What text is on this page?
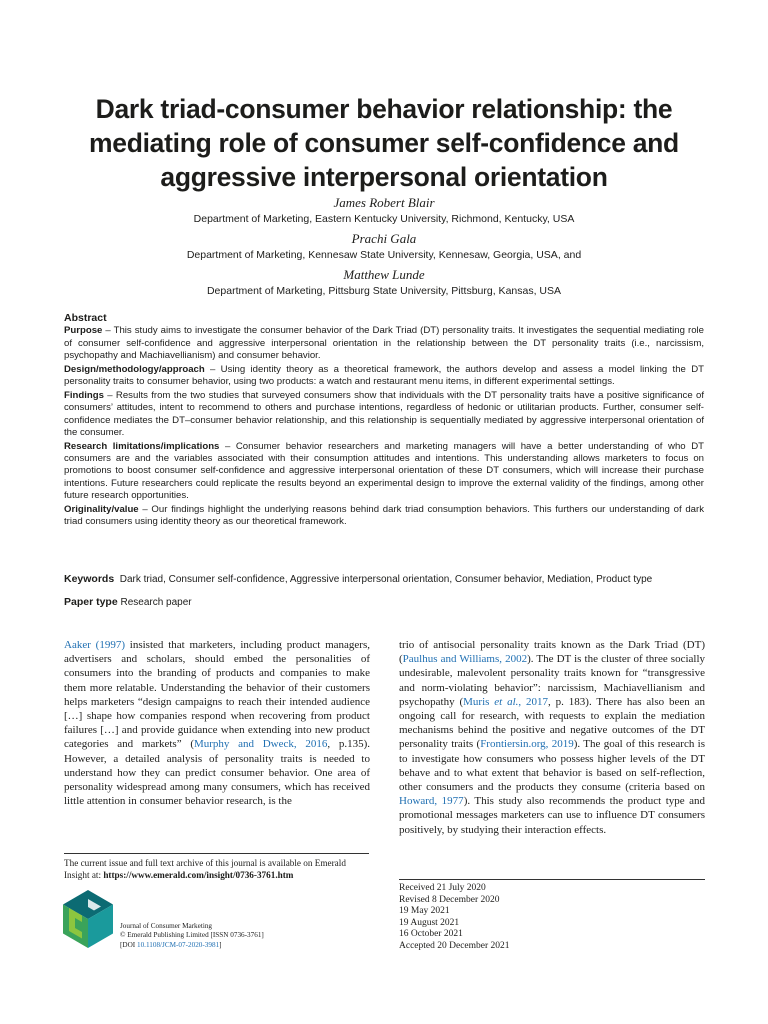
Dark triad-consumer behavior relationship: the mediating role of consumer self-confidence and aggressive interpersonal orientation
James Robert Blair
Department of Marketing, Eastern Kentucky University, Richmond, Kentucky, USA
Prachi Gala
Department of Marketing, Kennesaw State University, Kennesaw, Georgia, USA, and
Matthew Lunde
Department of Marketing, Pittsburg State University, Pittsburg, Kansas, USA
Abstract

Purpose – This study aims to investigate the consumer behavior of the Dark Triad (DT) personality traits. It investigates the sequential mediating role of consumer self-confidence and aggressive interpersonal orientation in the relationship between the DT personality traits (i.e., narcissism, psychopathy and Machiavellianism) and consumer behavior.

Design/methodology/approach – Using identity theory as a theoretical framework, the authors develop and assess a model linking the DT personality traits to consumer behavior, using two products: a watch and restaurant menu items, in different experimental settings.

Findings – Results from the two studies that surveyed consumers show that individuals with the DT personality traits have a positive significance of consumers’ attitudes, intent to recommend to others and purchase intentions, regardless of hedonic or utilitarian products. Further, consumer self-confidence mediates the DT–consumer behavior relationship, and this relationship is sequentially mediated by aggressive interpersonal orientation of the consumer.

Research limitations/implications – Consumer behavior researchers and marketing managers will have a better understanding of who DT consumers are and the variables associated with their consumption attitudes and intentions. This understanding allows marketers to focus on promotions to boost consumer self-confidence and aggressive interpersonal orientation of these DT consumers, which will increase their purchase intentions. Future researchers could replicate the results beyond an experimental design to improve the external validity of the findings, among other future research opportunities.

Originality/value – Our findings highlight the underlying reasons behind dark triad consumption behaviors. This furthers our understanding of dark triad consumers using identity theory as our theoretical framework.

Keywords Dark triad, Consumer self-confidence, Aggressive interpersonal orientation, Consumer behavior, Mediation, Product type
Paper type Research paper
Aaker (1997) insisted that marketers, including product managers, advertisers and scholars, should embed the personalities of consumers into the branding of products and companies to make them more relatable. Understanding the behavior of their customers helps marketers “design campaigns to reach their intended audience […] shape how companies respond when recovering from product failures […] and provide guidance when extending into new product categories and markets” (Murphy and Dweck, 2016, p.135). However, a detailed analysis of personality traits is needed to understand how they can predict consumer behavior. One area of personality widespread among many consumers, which has received little attention in consumer behavior research, is the
trio of antisocial personality traits known as the Dark Triad (DT) (Paulhus and Williams, 2002). The DT is the cluster of three socially undesirable, malevolent personality traits known for “transgressive and norm-violating behavior”: narcissism, Machiavellianism and psychopathy (Muris et al., 2017, p. 183). There has also been an ongoing call for research, with requests to explain the mediation mechanisms behind the positive and negative outcomes of the DT personality traits (Frontiersin.org, 2019). The goal of this research is to investigate how consumers who possess higher levels of the DT behave and to what extent that behavior is based on self-reflection, other consumers and the products they consume (criteria based on Howard, 1977). This study also recommends the product type and promotional messages marketers can use to influence DT consumers positively, by studying their interaction effects.
The current issue and full text archive of this journal is available on Emerald Insight at: https://www.emerald.com/insight/0736-3761.htm
Journal of Consumer Marketing
© Emerald Publishing Limited [ISSN 0736-3761]
[DOI 10.1108/JCM-07-2020-3981]
Received 21 July 2020
Revised 8 December 2020
19 May 2021
19 August 2021
16 October 2021
Accepted 20 December 2021
